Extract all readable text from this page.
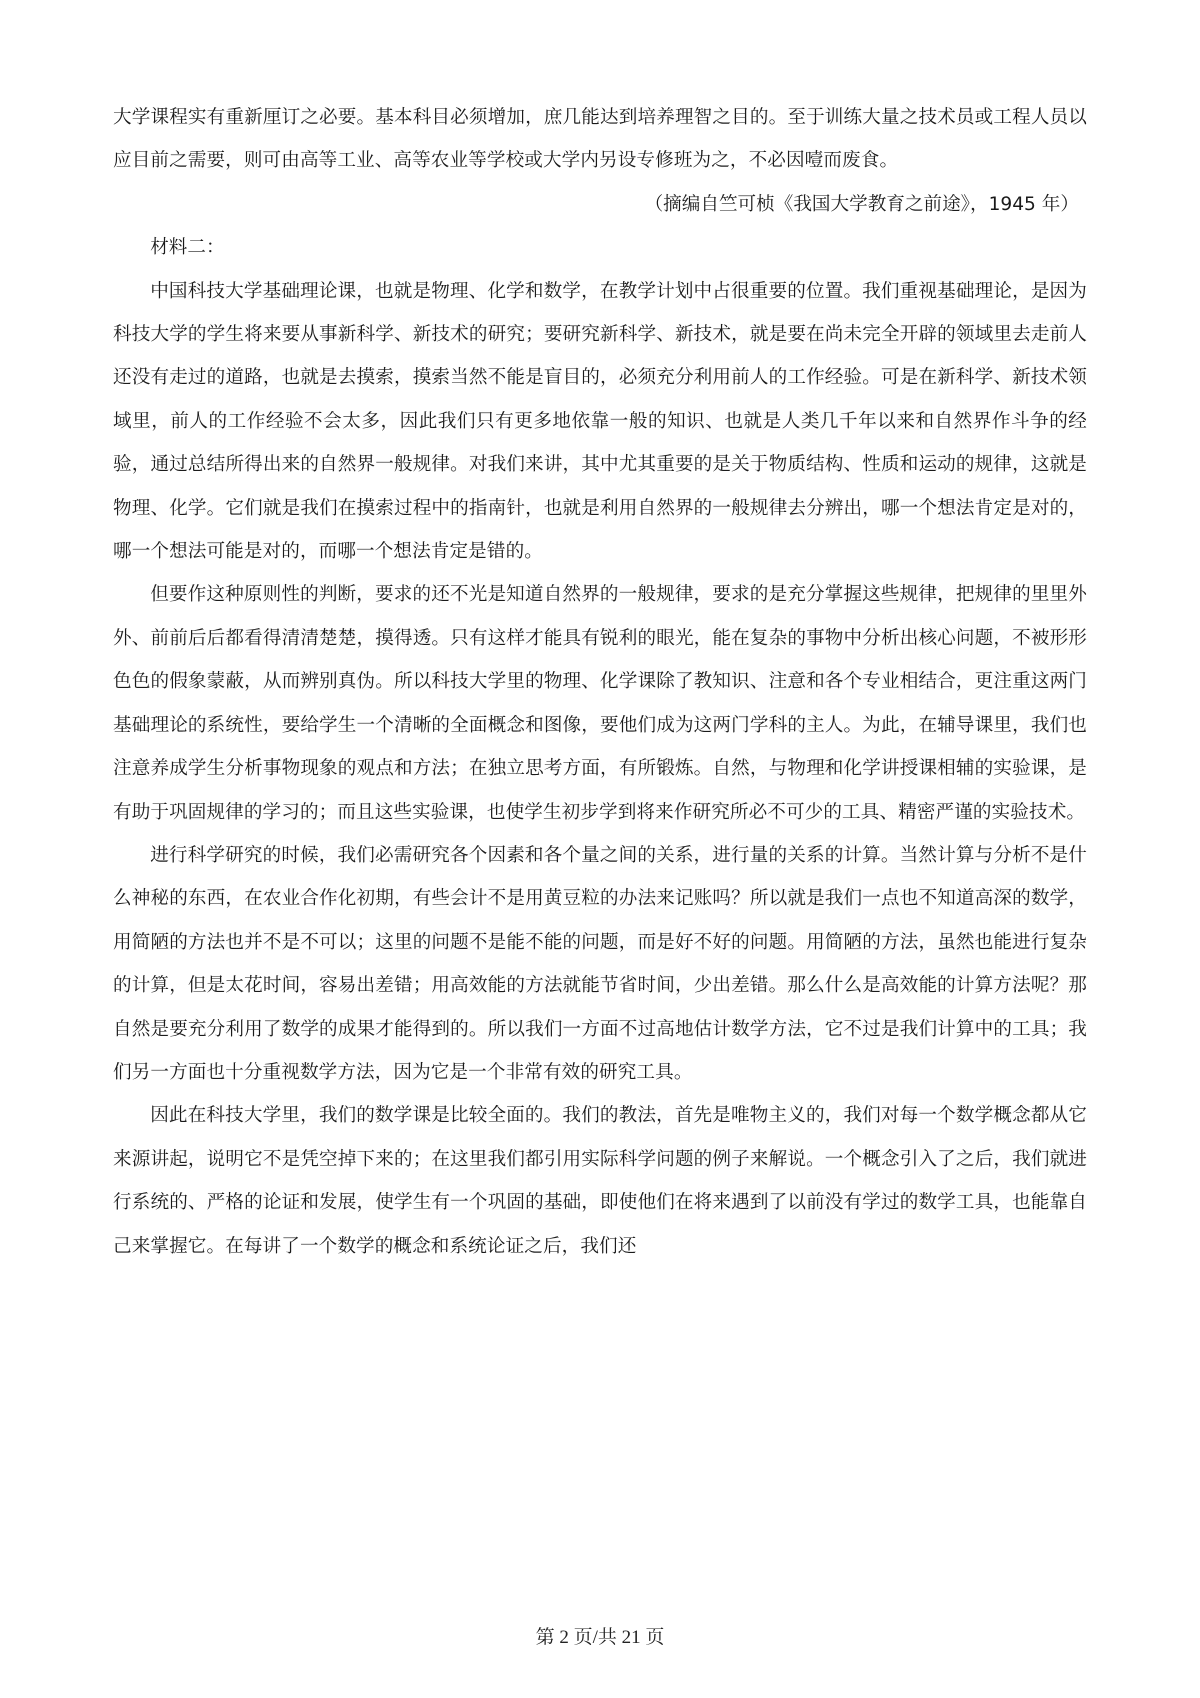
大学课程实有重新厘订之必要。基本科目必须增加，庶几能达到培养理智之目的。至于训练大量之技术员或工程人员以应目前之需要，则可由高等工业、高等农业等学校或大学内另设专修班为之，不必因噎而废食。

（摘编自竺可桢《我国大学教育之前途》，1945 年）

材料二：

中国科技大学基础理论课，也就是物理、化学和数学，在教学计划中占很重要的位置。我们重视基础理论，是因为科技大学的学生将来要从事新科学、新技术的研究；要研究新科学、新技术，就是要在尚未完全开辟的领域里去走前人还没有走过的道路，也就是去摸索，摸索当然不能是盲目的，必须充分利用前人的工作经验。可是在新科学、新技术领域里，前人的工作经验不会太多，因此我们只有更多地依靠一般的知识、也就是人类几千年以来和自然界作斗争的经验，通过总结所得出来的自然界一般规律。对我们来讲，其中尤其重要的是关于物质结构、性质和运动的规律，这就是物理、化学。它们就是我们在摸索过程中的指南针，也就是利用自然界的一般规律去分辨出，哪一个想法肯定是对的，哪一个想法可能是对的，而哪一个想法肯定是错的。

但要作这种原则性的判断，要求的还不光是知道自然界的一般规律，要求的是充分掌握这些规律，把规律的里里外外、前前后后都看得清清楚楚，摸得透。只有这样才能具有锐利的眼光，能在复杂的事物中分析出核心问题，不被形形色色的假象蒙蔽，从而辨别真伪。所以科技大学里的物理、化学课除了教知识、注意和各个专业相结合，更注重这两门基础理论的系统性，要给学生一个清晰的全面概念和图像，要他们成为这两门学科的主人。为此，在辅导课里，我们也注意养成学生分析事物现象的观点和方法；在独立思考方面，有所锻炼。自然，与物理和化学讲授课相辅的实验课，是有助于巩固规律的学习的；而且这些实验课，也使学生初步学到将来作研究所必不可少的工具、精密严谨的实验技术。

进行科学研究的时候，我们必需研究各个因素和各个量之间的关系，进行量的关系的计算。当然计算与分析不是什么神秘的东西，在农业合作化初期，有些会计不是用黄豆粒的办法来记账吗？所以就是我们一点也不知道高深的数学，用简陋的方法也并不是不可以；这里的问题不是能不能的问题，而是好不好的问题。用简陋的方法，虽然也能进行复杂的计算，但是太花时间，容易出差错；用高效能的方法就能节省时间，少出差错。那么什么是高效能的计算方法呢？那自然是要充分利用了数学的成果才能得到的。所以我们一方面不过高地估计数学方法，它不过是我们计算中的工具；我们另一方面也十分重视数学方法，因为它是一个非常有效的研究工具。

因此在科技大学里，我们的数学课是比较全面的。我们的教法，首先是唯物主义的，我们对每一个数学概念都从它来源讲起，说明它不是凭空掉下来的；在这里我们都引用实际科学问题的例子来解说。一个概念引入了之后，我们就进行系统的、严格的论证和发展，使学生有一个巩固的基础，即使他们在将来遇到了以前没有学过的数学工具，也能靠自己来掌握它。在每讲了一个数学的概念和系统论证之后，我们还

第 2 页/共 21 页
